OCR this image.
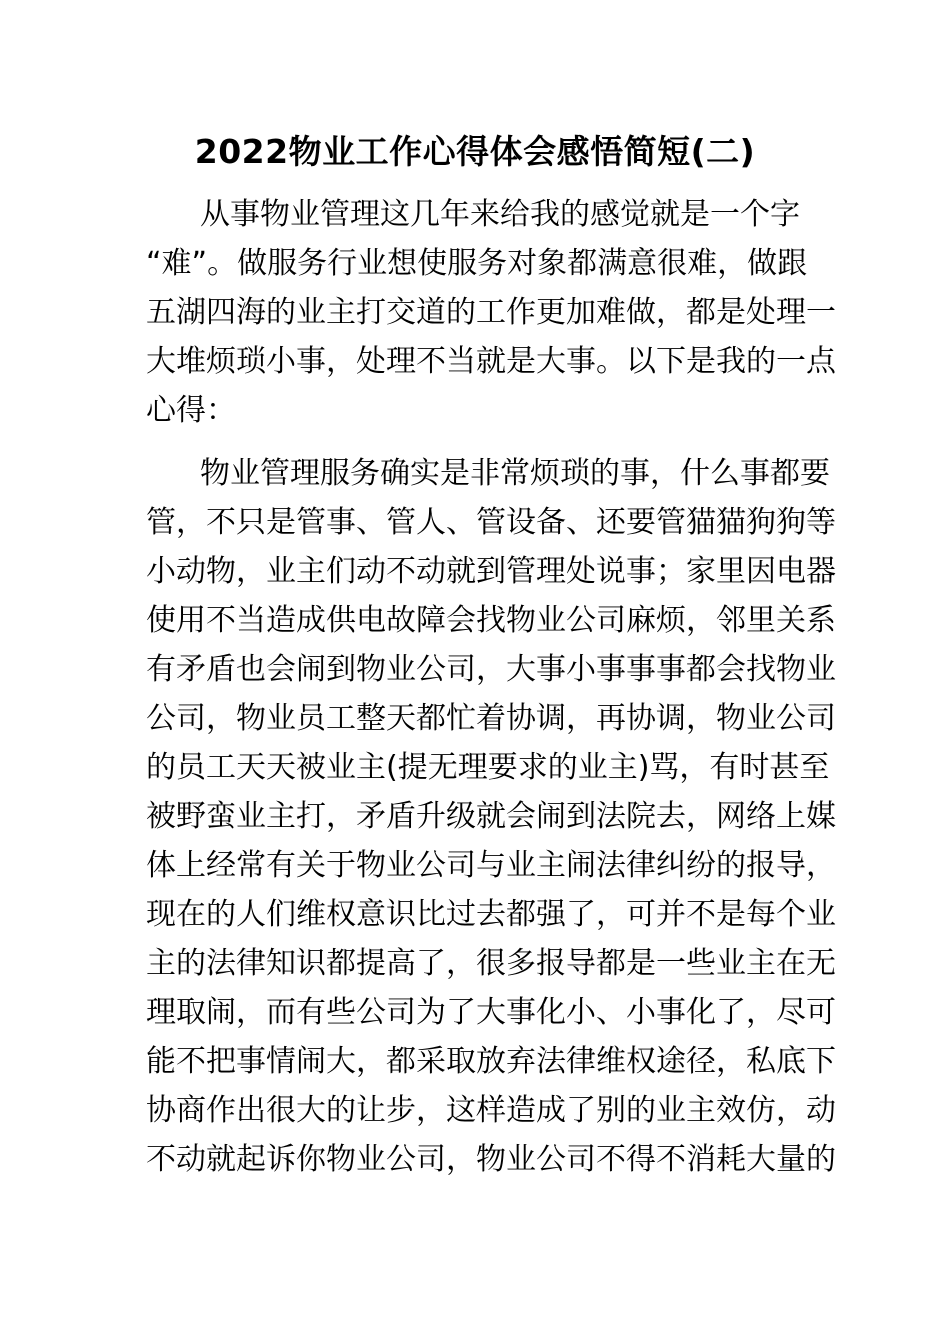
2022物业工作心得体会感悟简短(二)
从事物业管理这几年来给我的感觉就是一个字
“难”。做服务行业想使服务对象都满意很难，做跟
五湖四海的业主打交道的工作更加难做，都是处理一
大堆烦琐小事，处理不当就是大事。以下是我的一点
心得：
物业管理服务确实是非常烦琐的事，什么事都要
管，不只是管事、管人、管设备、还要管猫猫狗狗等
小动物，业主们动不动就到管理处说事；家里因电器
使用不当造成供电故障会找物业公司麻烦，邻里关系
有矛盾也会闹到物业公司，大事小事事事都会找物业
公司，物业员工整天都忙着协调，再协调，物业公司
的员工天天被业主(提无理要求的业主)骂，有时甚至
被野蛮业主打，矛盾升级就会闹到法院去，网络上媒
体上经常有关于物业公司与业主闹法律纠纷的报导，
现在的人们维权意识比过去都强了，可并不是每个业
主的法律知识都提高了，很多报导都是一些业主在无
理取闹，而有些公司为了大事化小、小事化了，尽可
能不把事情闹大，都采取放弃法律维权途径，私底下
协商作出很大的让步，这样造成了别的业主效仿，动
不动就起诉你物业公司，物业公司不得不消耗大量的
